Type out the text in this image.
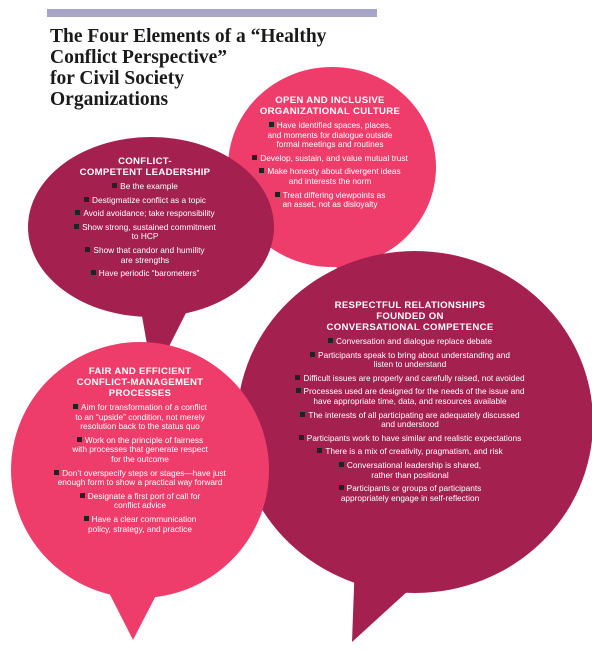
The Four Elements of a “Healthy
Conflict Perspective”
for Civil Society
Organizations	OPEN AND INCLUSIVE
ORGANIZATIONAL CULTURE
Have identified spaces, places,
and moments for dialogue outside
formal meetings and routines
Develop, sustain, and value mutual trust
Make honesty about divergent ideas
and interests the norm
Treat differing viewpoints as
an asset, not as disloyalty
CONFLICT-
COMPETENT LEADERSHIP
Be the example
Destigmatize conflict as a topic
Avoid avoidance; take responsibility
Show strong, sustained commitment
to HCP
Show that candor and humility
are strengths
Have periodic “barometers”
RESPECTFUL RELATIONSHIPS
FOUNDED ON
CONVERSATIONAL COMPETENCE
Conversation and dialogue replace debate
Participants speak to bring about understanding and
listen to understand
Difficult issues are properly and carefully raised, not avoided
Processes used are designed for the needs of the issue and
have appropriate time, data, and resources available
The interests of all participating are adequately discussed
and understood
Participants work to have similar and realistic expectations
There is a mix of creativity, pragmatism, and risk
Conversational leadership is shared,
rather than positional
Participants or groups of participants
appropriately engage in self-reflection
FAIR AND EFFICIENT
CONFLICT-MANAGEMENT
PROCESSES
Aim for transformation of a conflict
to an “upside” condition, not merely
resolution back to the status quo
Work on the principle of fairness
with processes that generate respect
for the outcome
Don’t overspecify steps or stages—have just
enough form to show a practical way forward
Designate a first port of call for
conflict advice
Have a clear communication
policy, strategy, and practice
